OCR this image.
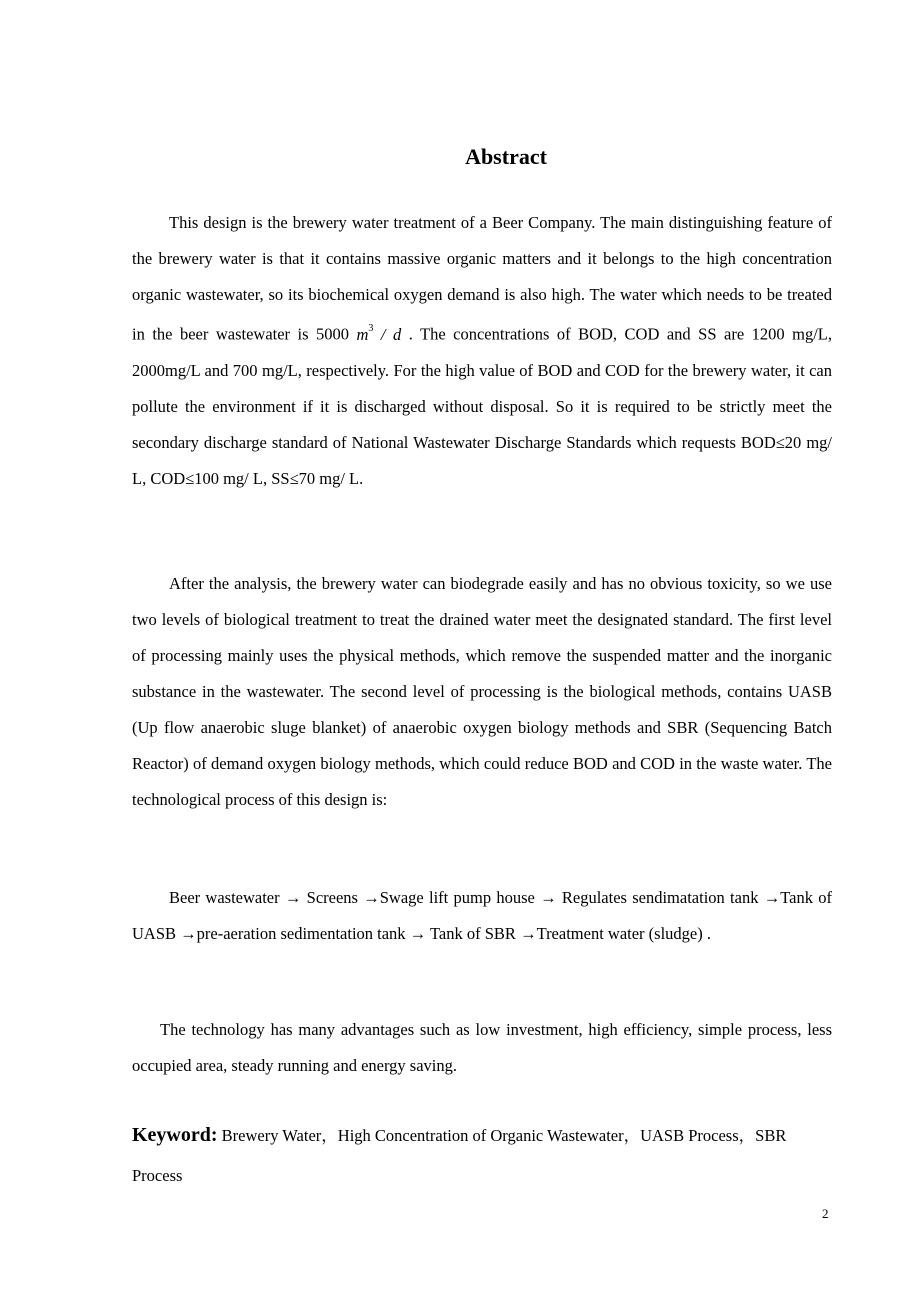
Abstract

This design is the brewery water treatment of a Beer Company. The main distinguishing feature of the brewery water is that it contains massive organic matters and it belongs to the high concentration organic wastewater, so its biochemical oxygen demand is also high. The water which needs to be treated in the beer wastewater is 5000 $m^3$ / d . The concentrations of BOD, COD and SS are 1200 mg/L, 2000mg/L and 700 mg/L, respectively. For the high value of BOD and COD for the brewery water, it can pollute the environment if it is discharged without disposal. So it is required to be strictly meet the secondary discharge standard of National Wastewater Discharge Standards which requests BOD≤20 mg/ L, COD≤100 mg/ L, SS≤70 mg/ L.

After the analysis, the brewery water can biodegrade easily and has no obvious toxicity, so we use two levels of biological treatment to treat the drained water meet the designated standard. The first level of processing mainly uses the physical methods, which remove the suspended matter and the inorganic substance in the wastewater. The second level of processing is the biological methods, contains UASB (Up flow anaerobic sluge blanket) of anaerobic oxygen biology methods and SBR (Sequencing Batch Reactor) of demand oxygen biology methods, which could reduce BOD and COD in the waste water. The technological process of this design is:

Beer wastewater → Screens →Swage lift pump house → Regulates sendimatation tank →Tank of UASB →pre-aeration sedimentation tank → Tank of SBR →Treatment water (sludge) .

The technology has many advantages such as low investment, high efficiency, simple process, less occupied area, steady running and energy saving.

Keyword: Brewery Water，High Concentration of Organic Wastewater，UASB Process，SBR Process
2
